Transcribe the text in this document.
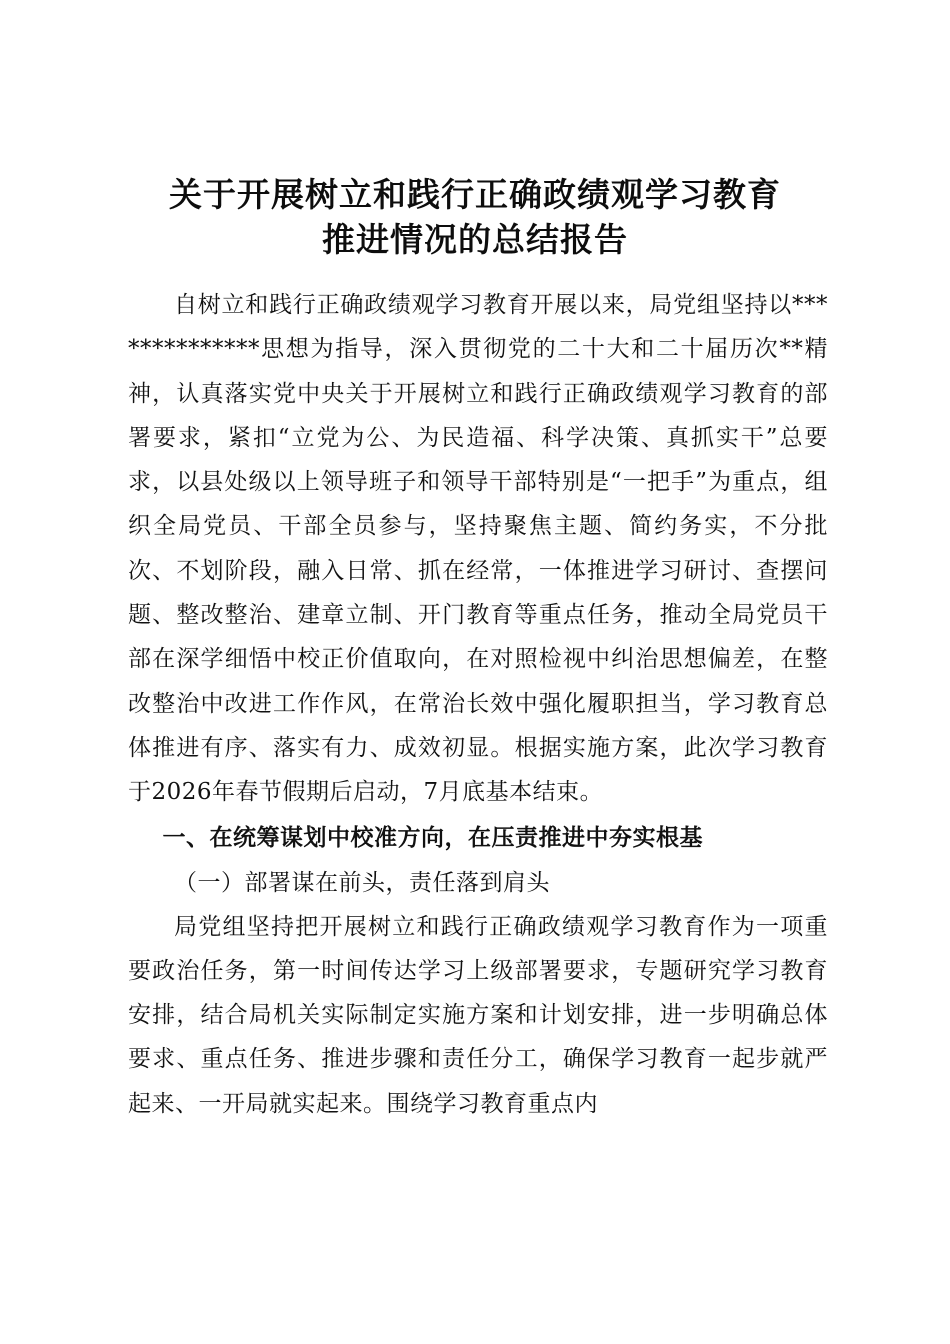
关于开展树立和践行正确政绩观学习教育
推进情况的总结报告

自树立和践行正确政绩观学习教育开展以来，局党组坚持以**************思想为指导，深入贯彻党的二十大和二十届历次**精神，认真落实党中央关于开展树立和践行正确政绩观学习教育的部署要求，紧扣“立党为公、为民造福、科学决策、真抓实干”总要求，以县处级以上领导班子和领导干部特别是“一把手”为重点，组织全局党员、干部全员参与，坚持聚焦主题、简约务实，不分批次、不划阶段，融入日常、抓在经常，一体推进学习研讨、查摆问题、整改整治、建章立制、开门教育等重点任务，推动全局党员干部在深学细悟中校正价值取向，在对照检视中纠治思想偏差，在整改整治中改进工作作风，在常治长效中强化履职担当，学习教育总体推进有序、落实有力、成效初显。根据实施方案，此次学习教育于2026年春节假期后启动，7月底基本结束。

一、在统筹谋划中校准方向，在压责推进中夯实根基

（一）部署谋在前头，责任落到肩头

局党组坚持把开展树立和践行正确政绩观学习教育作为一项重要政治任务，第一时间传达学习上级部署要求，专题研究学习教育安排，结合局机关实际制定实施方案和计划安排，进一步明确总体要求、重点任务、推进步骤和责任分工，确保学习教育一起步就严起来、一开局就实起来。围绕学习教育重点内
